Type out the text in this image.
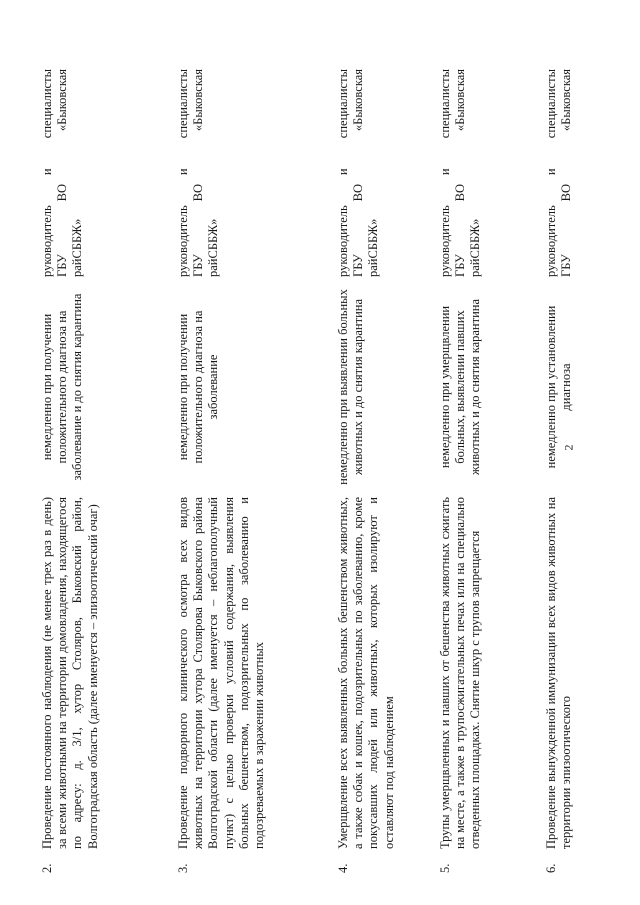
2
2.
Проведение постоянного наблюдения (не менее трех раз в день) за всеми животными на территории домовладения, находящегося по адресу: д. 3/1, хутор Столяров, Быковский район, Волгоградская область (далее именуется – эпизоотический очаг)
немедленно при получении положительного диагноза на заболевание и до снятия карантина
руководитель
и
специалисты
ГБУ
ВО
«Быковская
райСББЖ»
3.
Проведение подворного клинического осмотра всех видов животных на территории хутора Столярова Быковского района Волгоградской области (далее именуется – неблагополучный пункт) с целью проверки условий содержания, выявления больных бешенством, подозрительных по заболеванию и подозреваемых в заражении животных
немедленно при получении положительного диагноза на заболевание
руководитель
и
специалисты
ГБУ
ВО
«Быковская
райСББЖ»
4.
Умерщвление всех выявленных больных бешенством животных, а также собак и кошек, подозрительных по заболеванию, кроме покусавших людей или животных, которых изолируют и оставляют под наблюдением
немедленно при выявлении больных животных и до снятия карантина
руководитель
и
специалисты
ГБУ
ВО
«Быковская
райСББЖ»
5.
Трупы умерщвленных и павших от бешенства животных сжигать на месте, а также в трупосжигательных печах или на специально отведенных площадках. Снятие шкур с трупов запрещается
немедленно при умерщвлении больных, выявлении павших животных и до снятия карантина
руководитель
и
специалисты
ГБУ
ВО
«Быковская
райСББЖ»
6.
Проведение вынужденной иммунизации всех видов животных на территории эпизоотического
немедленно при установлении диагноза
руководитель
и
специалисты
ГБУ
ВО
«Быковская
